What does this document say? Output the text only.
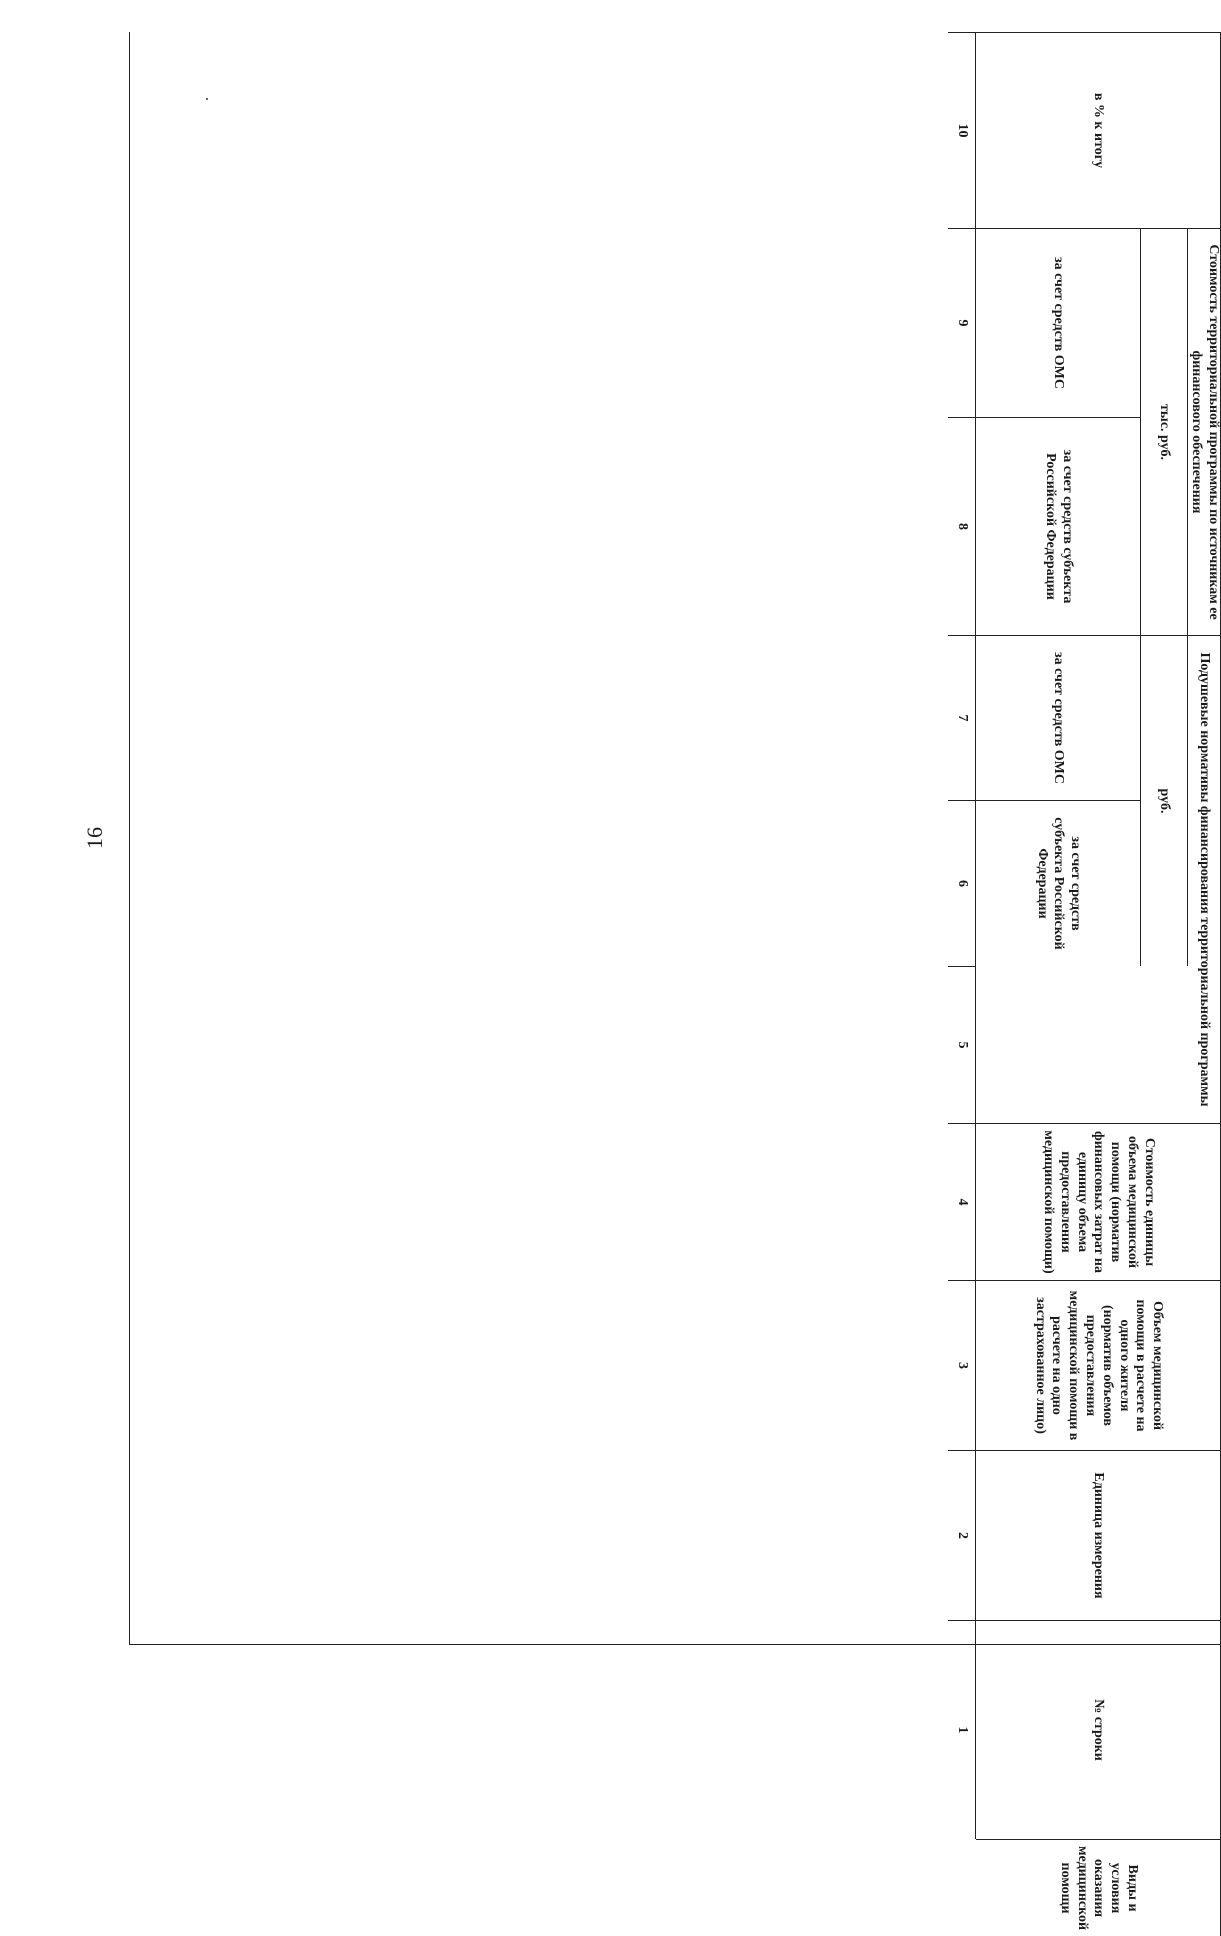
16
в % к итогу
Стоимость территориальной программы по источникам ее финансового обеспечения
Подушевые нормативы финансирования территориальной программы
Стоимость единицы объема медицинской помощи (норматив финансовых затрат на единицу объема предоставления медицинской помощи)
Объем медицинской помощи в расчете на одного жителя (норматив объемов предоставления медицинской помощи в расчете на одно застрахованное лицо)
Единица измерения
№ строки
Виды и условия оказания медицинской помощи
тыс. руб.
руб.
за счет средств ОМС
за счет средств субъекта Российской Федерации
за счет средств ОМС
за счет средств субъекта Российской Федерации
10
9
8
7
6
5
4
3
2
1
